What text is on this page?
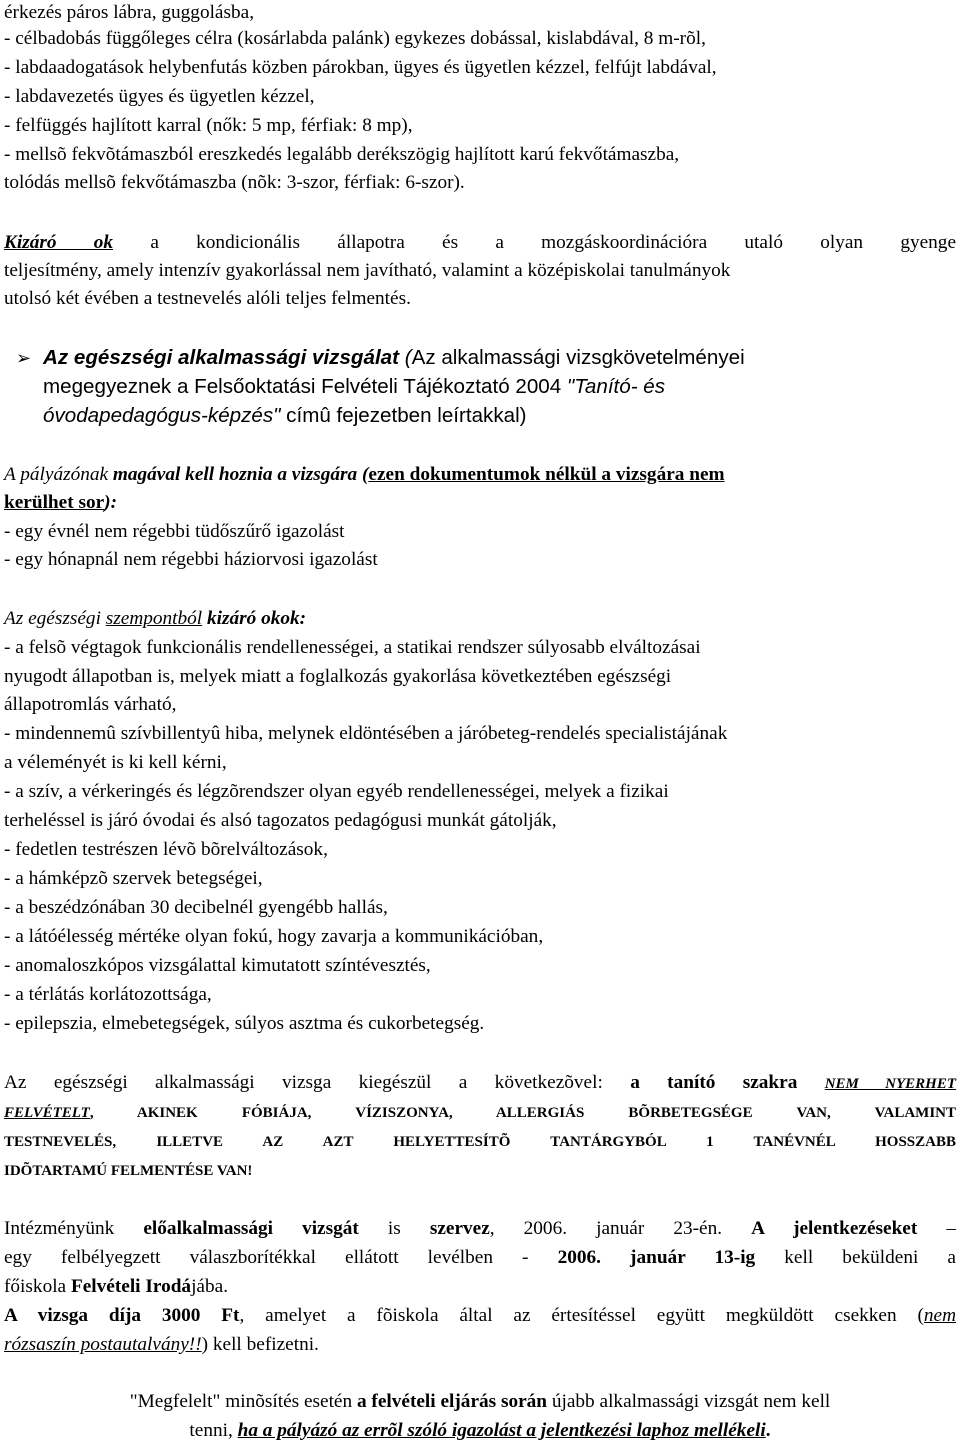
érkezés páros lábra, guggolásba,
- célbadobás függőleges célra (kosárlabda palánk) egykezes dobással, kislabdával, 8 m-rõl,
- labdaadogatások helybenfutás közben párokban, ügyes és ügyetlen kézzel, felfújt labdával,
- labdavezetés ügyes és ügyetlen kézzel,
- felfüggés hajlított karral (nők: 5 mp, férfiak: 8 mp),
- mellsõ fekvõtámaszból ereszkedés legalább derékszögig hajlított karú fekvőtámaszba,
tolódás mellsõ fekvőtámaszba (nõk: 3-szor, férfiak: 6-szor).
Kizáró ok a kondicionális állapotra és a mozgáskoordinációra utaló olyan gyenge
teljesítmény, amely intenzív gyakorlással nem javítható, valamint a középiskolai tanulmányok
utolsó két évében a testnevelés alóli teljes felmentés.
➢ Az egészségi alkalmassági vizsgálat (Az alkalmassági vizsgkövetelményei
megegyeznek a Felsőoktatási Felvételi Tájékoztató 2004 "Tanító- és
óvodapedagógus-képzés" címû fejezetben leírtakkal)
A pályázónak magával kell hoznia a vizsgára (ezen dokumentumok nélkül a vizsgára nem
kerülhet sor):
- egy évnél nem régebbi tüdőszűrő igazolást
- egy hónapnál nem régebbi háziorvosi igazolást
Az egészségi szempontból kizáró okok:
- a felsõ végtagok funkcionális rendellenességei, a statikai rendszer súlyosabb elváltozásai
nyugodt állapotban is, melyek miatt a foglalkozás gyakorlása következtében egészségi
állapotromlás várható,
- mindennemû szívbillentyû hiba, melynek eldöntésében a járóbeteg-rendelés specialistájának
a véleményét is ki kell kérni,
- a szív, a vérkeringés és légzõrendszer olyan egyéb rendellenességei, melyek a fizikai
terheléssel is járó óvodai és alsó tagozatos pedagógusi munkát gátolják,
- fedetlen testrészen lévõ bõrelváltozások,
- a hámképzõ szervek betegségei,
- a beszédzónában 30 decibelnél gyengébb hallás,
- a látóélesség mértéke olyan fokú, hogy zavarja a kommunikációban,
- anomaloszkópos vizsgálattal kimutatott színtévesztés,
- a térlátás korlátozottsága,
- epilepszia, elmebetegségek, súlyos asztma és cukorbetegség.
Az egészségi alkalmassági vizsga kiegészül a következõvel: a tanító szakra NEM NYERHET
FELVÉTELT, AKINEK FÓBIÁJA, VÍZISZONYA, ALLERGIÁS BÕRBETEGSÉGE VAN, VALAMINT
TESTNEVELÉS, ILLETVE AZ AZT HELYETTESÍTÕ TANTÁRGYBÓL 1 TANÉVNÉL HOSSZABB
IDÕTARTAMÚ FELMENTÉSE VAN!
Intézményünk előalkalmassági vizsgát is szervez, 2006. január 23-én. A jelentkezéseket –
egy felbélyegzett válaszborítékkal ellátott levélben - 2006. január 13-ig kell beküldeni a
főiskola Felvételi Irodájába.
A vizsga díja 3000 Ft, amelyet a fõiskola által az értesítéssel együtt megküldött csekken (nem
rózsaszín postautalvány!!) kell befizetni.
"Megfelelt" minõsítés esetén a felvételi eljárás során újabb alkalmassági vizsgát nem kell
tenni, ha a pályázó az errõl szóló igazolást a jelentkezési laphoz mellékeli.
